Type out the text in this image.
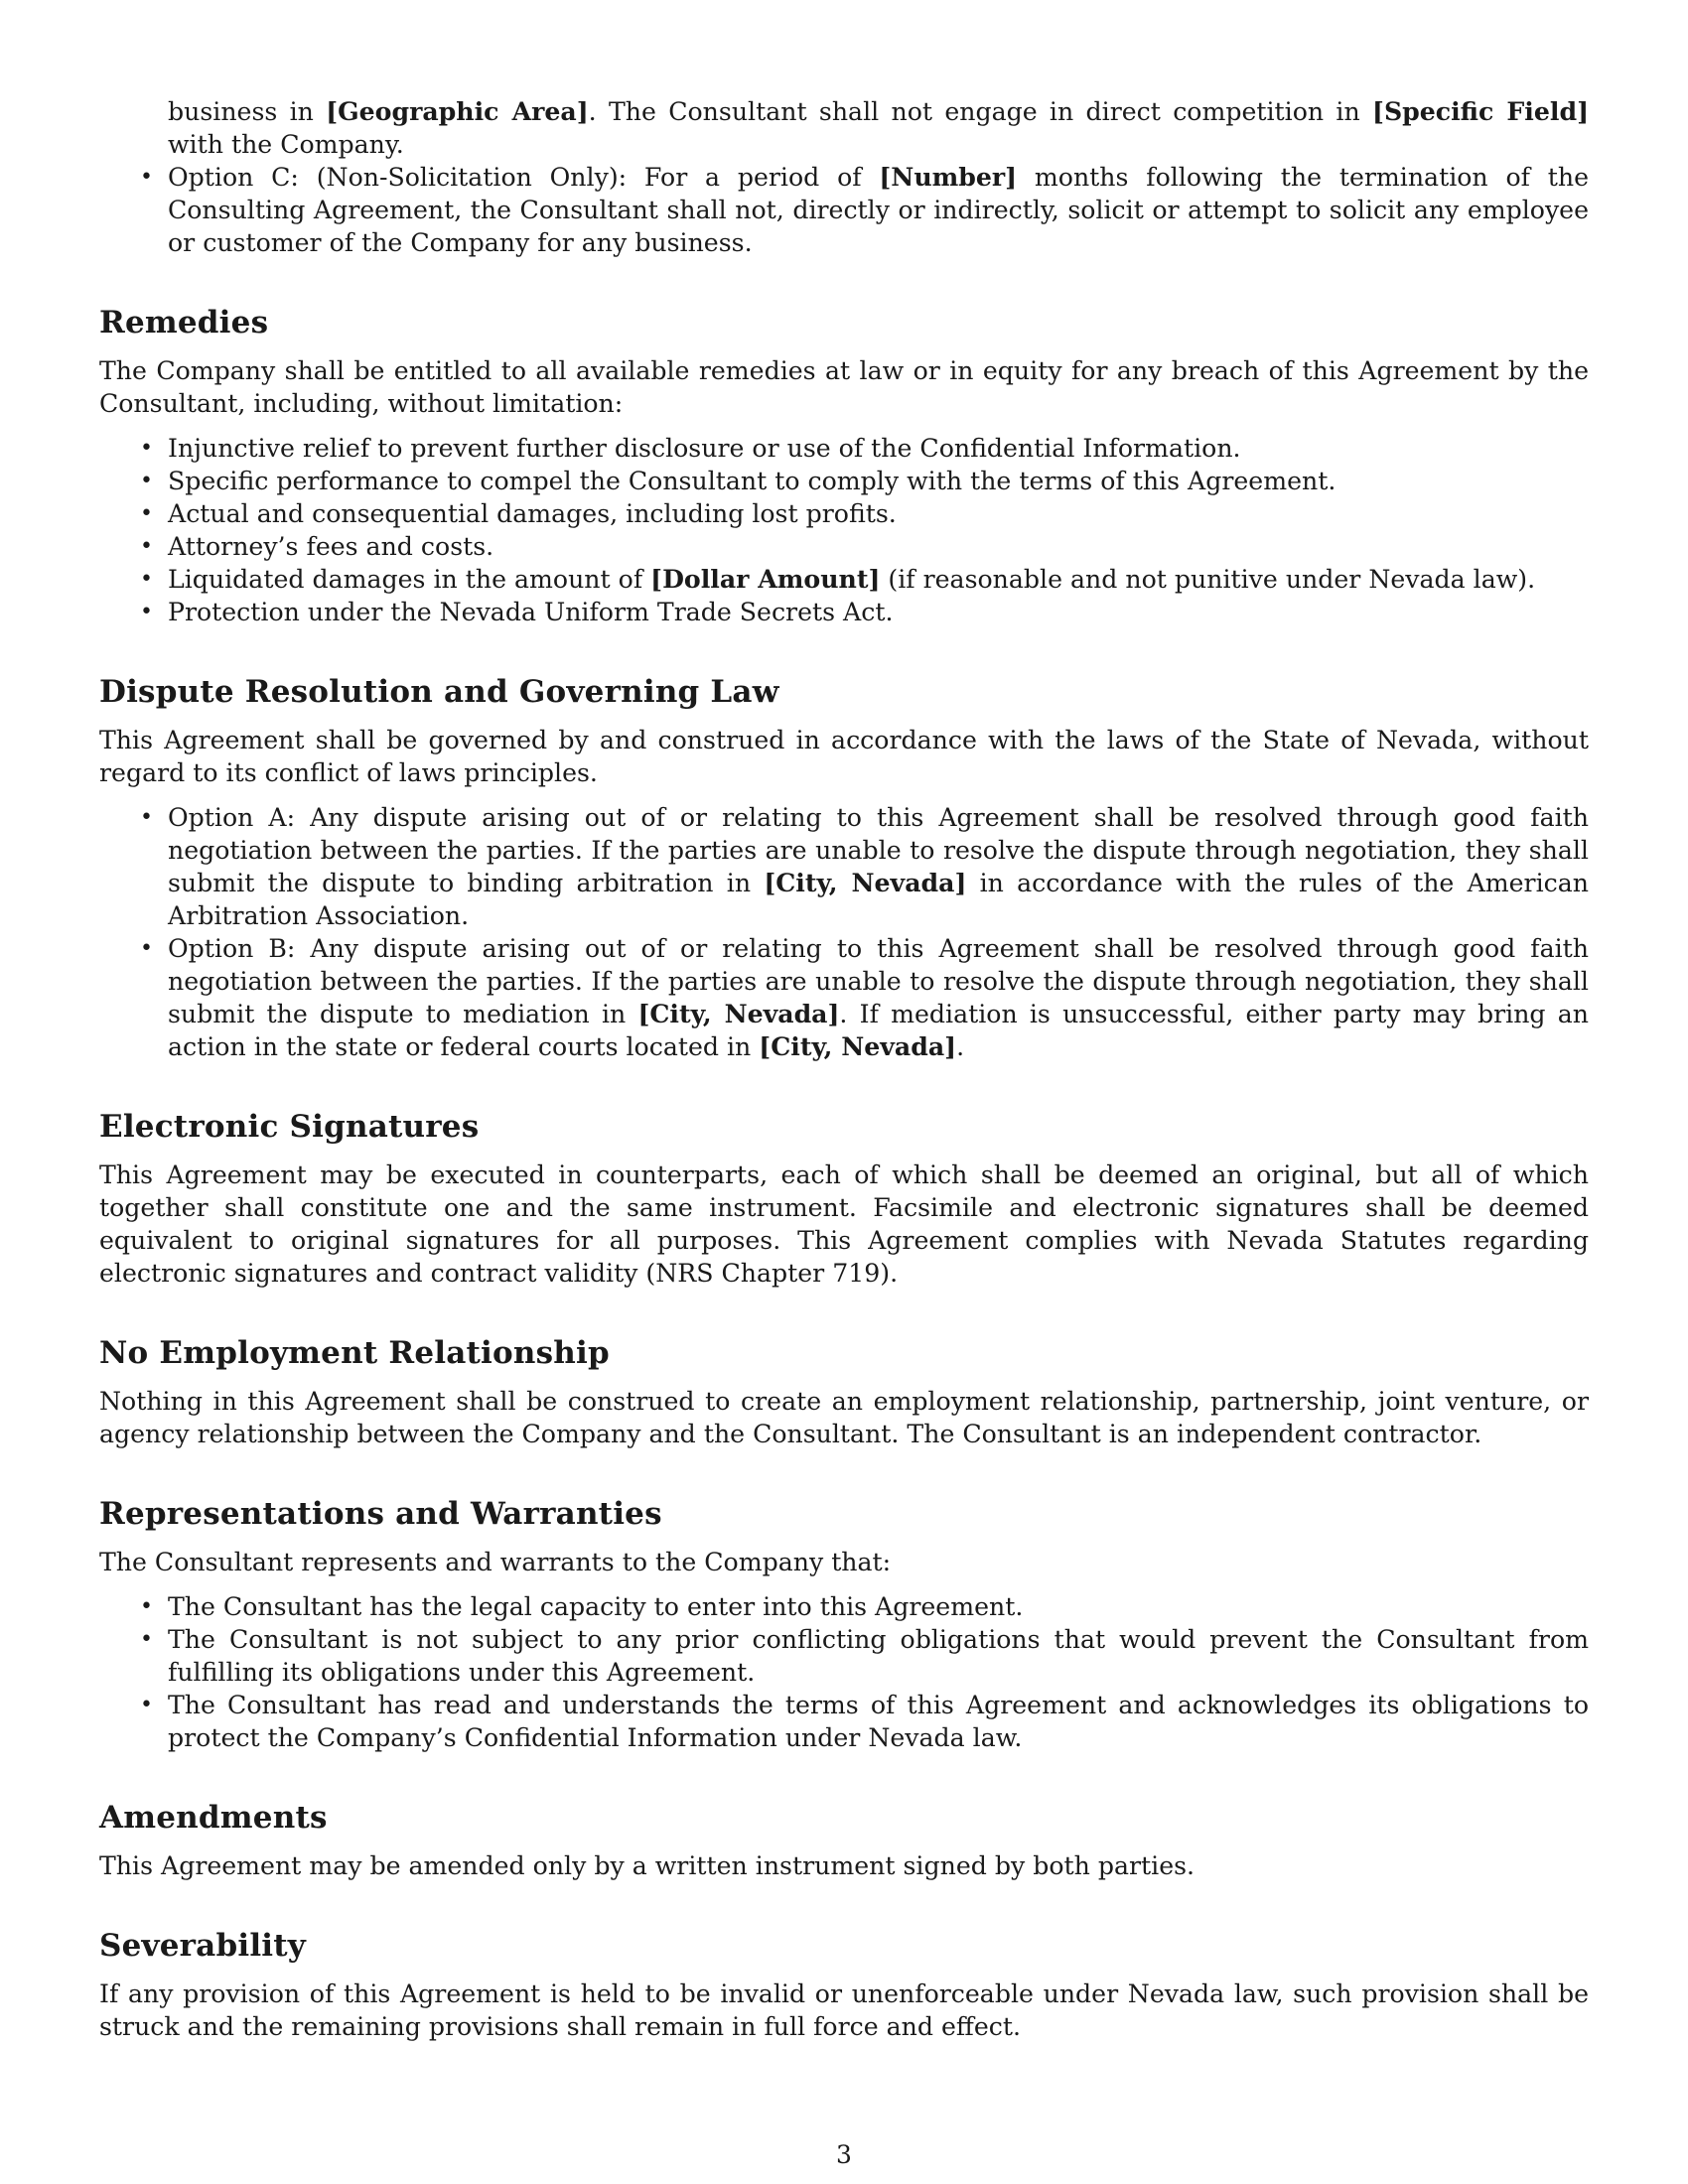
business in [Geographic Area]. The Consultant shall not engage in direct competition in [Specific Field] with the Company.
• Option C: (Non-Solicitation Only): For a period of [Number] months following the termination of the Consulting Agreement, the Consultant shall not, directly or indirectly, solicit or attempt to solicit any employee or customer of the Company for any business.
Remedies

The Company shall be entitled to all available remedies at law or in equity for any breach of this Agreement by the Consultant, including, without limitation:

• Injunctive relief to prevent further disclosure or use of the Confidential Information.
• Specific performance to compel the Consultant to comply with the terms of this Agreement.
• Actual and consequential damages, including lost profits.
• Attorney’s fees and costs.
• Liquidated damages in the amount of [Dollar Amount] (if reasonable and not punitive under Nevada law).
• Protection under the Nevada Uniform Trade Secrets Act.
Dispute Resolution and Governing Law

This Agreement shall be governed by and construed in accordance with the laws of the State of Nevada, without regard to its conflict of laws principles.

• Option A: Any dispute arising out of or relating to this Agreement shall be resolved through good faith negotiation between the parties. If the parties are unable to resolve the dispute through negotiation, they shall submit the dispute to binding arbitration in [City, Nevada] in accordance with the rules of the American Arbitration Association.
• Option B: Any dispute arising out of or relating to this Agreement shall be resolved through good faith negotiation between the parties. If the parties are unable to resolve the dispute through negotiation, they shall submit the dispute to mediation in [City, Nevada]. If mediation is unsuccessful, either party may bring an action in the state or federal courts located in [City, Nevada].
Electronic Signatures

This Agreement may be executed in counterparts, each of which shall be deemed an original, but all of which together shall constitute one and the same instrument. Facsimile and electronic signatures shall be deemed equivalent to original signatures for all purposes. This Agreement complies with Nevada Statutes regarding electronic signatures and contract validity (NRS Chapter 719).

No Employment Relationship

Nothing in this Agreement shall be construed to create an employment relationship, partnership, joint venture, or agency relationship between the Company and the Consultant. The Consultant is an independent contractor.

Representations and Warranties

The Consultant represents and warrants to the Company that:

• The Consultant has the legal capacity to enter into this Agreement.
• The Consultant is not subject to any prior conflicting obligations that would prevent the Consultant from fulfilling its obligations under this Agreement.
• The Consultant has read and understands the terms of this Agreement and acknowledges its obligations to protect the Company’s Confidential Information under Nevada law.
Amendments

This Agreement may be amended only by a written instrument signed by both parties.

Severability

If any provision of this Agreement is held to be invalid or unenforceable under Nevada law, such provision shall be struck and the remaining provisions shall remain in full force and effect.

3
